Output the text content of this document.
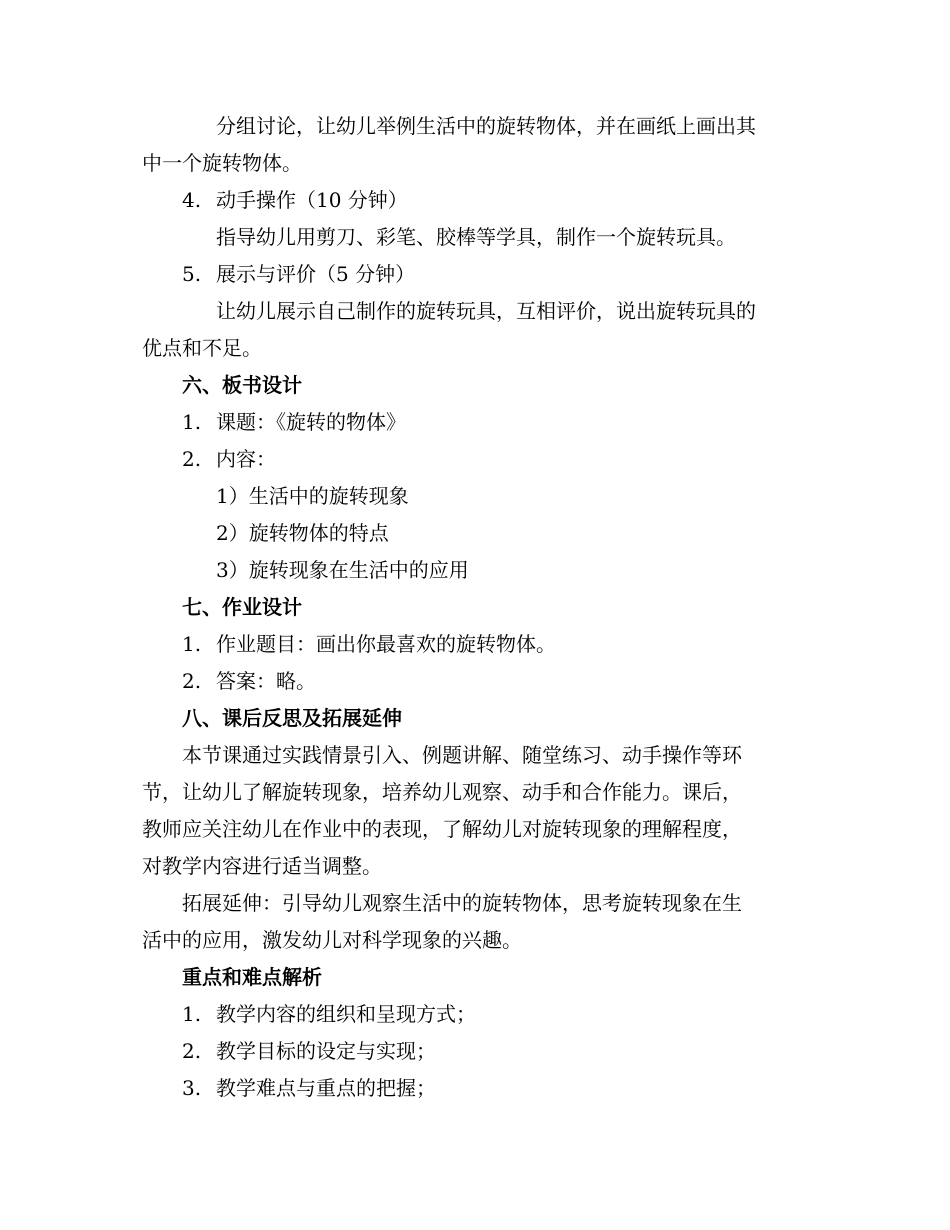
分组讨论，让幼儿举例生活中的旋转物体，并在画纸上画出其
中一个旋转物体。
4. 动手操作（10 分钟）
指导幼儿用剪刀、彩笔、胶棒等学具，制作一个旋转玩具。
5. 展示与评价（5 分钟）
让幼儿展示自己制作的旋转玩具，互相评价，说出旋转玩具的
优点和不足。
六、板书设计
1. 课题：《旋转的物体》
2. 内容：
1）生活中的旋转现象
2）旋转物体的特点
3）旋转现象在生活中的应用
七、作业设计
1. 作业题目：画出你最喜欢的旋转物体。
2. 答案：略。
八、课后反思及拓展延伸
本节课通过实践情景引入、例题讲解、随堂练习、动手操作等环
节，让幼儿了解旋转现象，培养幼儿观察、动手和合作能力。课后，
教师应关注幼儿在作业中的表现，了解幼儿对旋转现象的理解程度，
对教学内容进行适当调整。
拓展延伸：引导幼儿观察生活中的旋转物体，思考旋转现象在生
活中的应用，激发幼儿对科学现象的兴趣。
重点和难点解析
1. 教学内容的组织和呈现方式；
2. 教学目标的设定与实现；
3. 教学难点与重点的把握；
